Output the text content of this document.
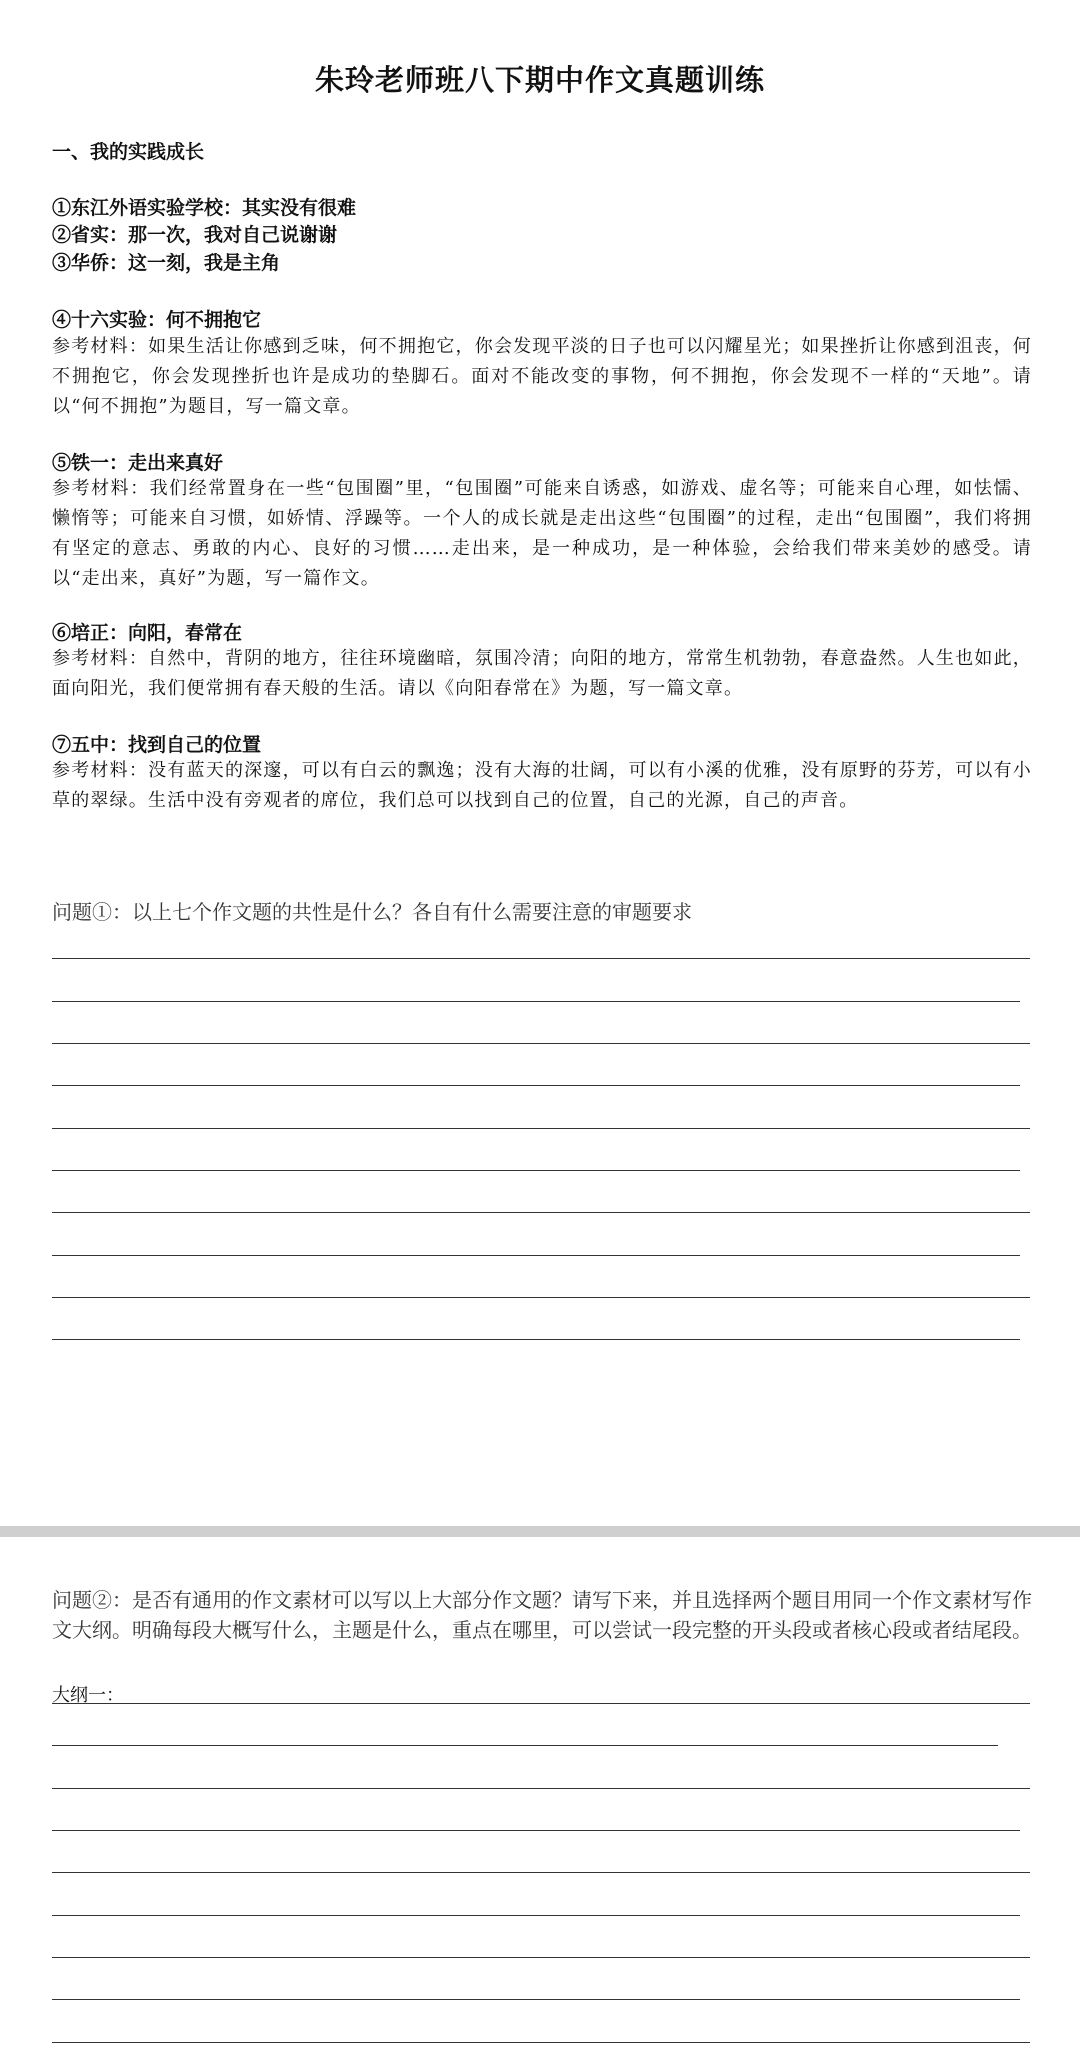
朱玲老师班八下期中作文真题训练
一、我的实践成长
①东江外语实验学校：其实没有很难
②省实：那一次，我对自己说谢谢
③华侨：这一刻，我是主角
④十六实验：何不拥抱它
参考材料：如果生活让你感到乏味，何不拥抱它，你会发现平淡的日子也可以闪耀星光；如果挫折让你感到沮丧，何不拥抱它，你会发现挫折也许是成功的垫脚石。面对不能改变的事物，何不拥抱，你会发现不一样的“天地”。请以“何不拥抱”为题目，写一篇文章。
⑤铁一：走出来真好
参考材料：我们经常置身在一些“包围圈”里，“包围圈”可能来自诱惑，如游戏、虚名等；可能来自心理，如怯懦、懒惰等；可能来自习惯，如娇情、浮躁等。一个人的成长就是走出这些“包围圈”的过程，走出“包围圈”，我们将拥有坚定的意志、勇敢的内心、良好的习惯……走出来，是一种成功，是一种体验，会给我们带来美妙的感受。请以“走出来，真好”为题，写一篇作文。
⑥培正：向阳，春常在
参考材料：自然中，背阴的地方，往往环境幽暗，氛围冷清；向阳的地方，常常生机勃勃，春意盎然。人生也如此，面向阳光，我们便常拥有春天般的生活。请以《向阳春常在》为题，写一篇文章。
⑦五中：找到自己的位置
参考材料：没有蓝天的深邃，可以有白云的飘逸；没有大海的壮阔，可以有小溪的优雅，没有原野的芬芳，可以有小草的翠绿。生活中没有旁观者的席位，我们总可以找到自己的位置，自己的光源，自己的声音。
问题①：以上七个作文题的共性是什么？各自有什么需要注意的审题要求
问题②：是否有通用的作文素材可以写以上大部分作文题？请写下来，并且选择两个题目用同一个作文素材写作文大纲。明确每段大概写什么，主题是什么，重点在哪里，可以尝试一段完整的开头段或者核心段或者结尾段。
大纲一：
